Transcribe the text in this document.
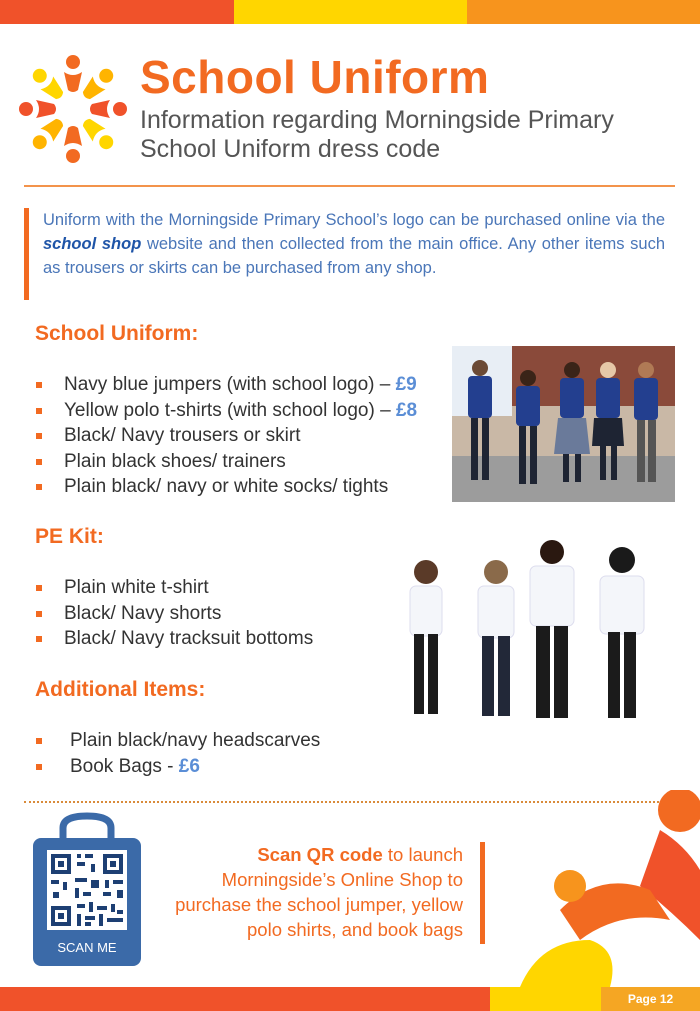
School Uniform
Information regarding Morningside Primary School Uniform dress code
Uniform with the Morningside Primary School’s logo can be purchased online via the school shop website and then collected from the main office. Any other items such as trousers or skirts can be purchased from any shop.
School Uniform:
Navy blue jumpers (with school logo) – £9
Yellow polo t-shirts (with school logo) – £8
Black/ Navy trousers or skirt
Plain black shoes/ trainers
Plain black/ navy or white socks/ tights
PE Kit:
Plain white t-shirt
Black/ Navy shorts
Black/ Navy tracksuit bottoms
Additional Items:
Plain black/navy headscarves
Book Bags - £6
SCAN ME
Scan QR code to launch Morningside’s Online Shop to purchase the school jumper, yellow polo shirts, and book bags
Page 12
